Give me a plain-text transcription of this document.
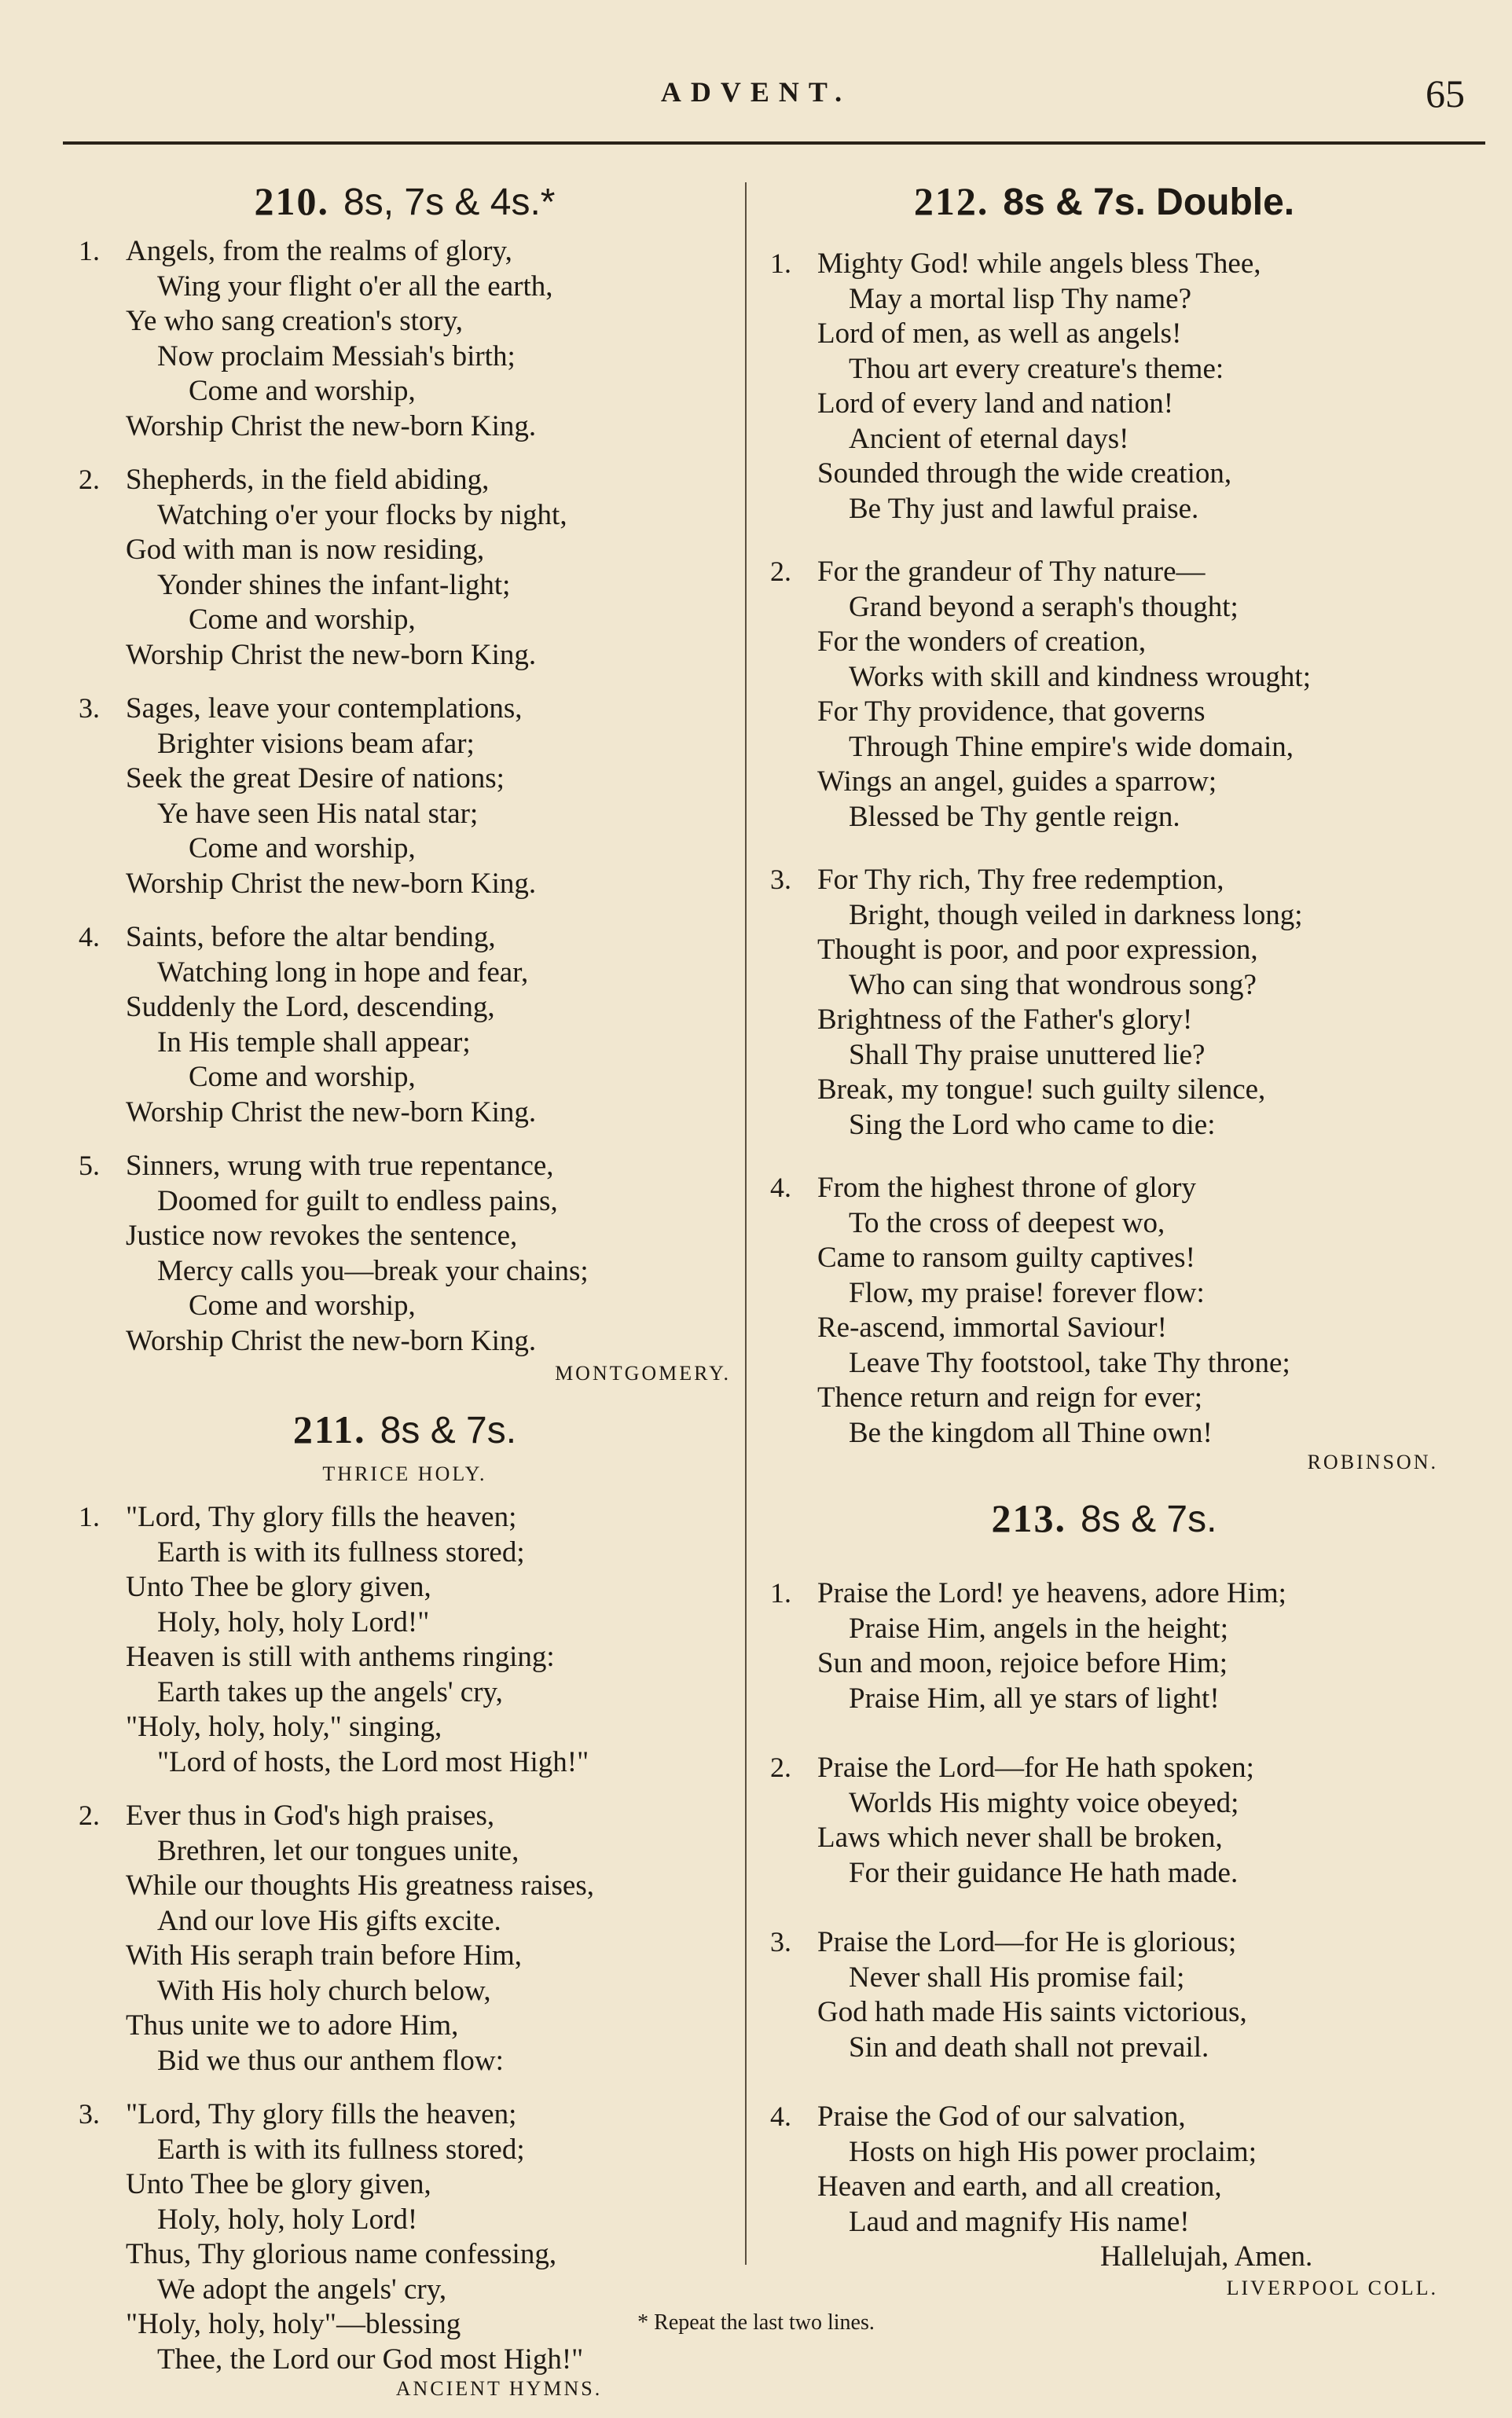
ADVENT.	65
210. 8s, 7s & 4s.*
1. Angels, from the realms of glory,
Wing your flight o'er all the earth,
Ye who sang creation's story,
Now proclaim Messiah's birth;
Come and worship,
Worship Christ the new-born King.
2. Shepherds, in the field abiding,
Watching o'er your flocks by night,
God with man is now residing,
Yonder shines the infant-light;
Come and worship,
Worship Christ the new-born King.
3. Sages, leave your contemplations,
Brighter visions beam afar;
Seek the great Desire of nations;
Ye have seen His natal star;
Come and worship,
Worship Christ the new-born King.
4. Saints, before the altar bending,
Watching long in hope and fear,
Suddenly the Lord, descending,
In His temple shall appear;
Come and worship,
Worship Christ the new-born King.
5. Sinners, wrung with true repentance,
Doomed for guilt to endless pains,
Justice now revokes the sentence,
Mercy calls you—break your chains;
Come and worship,
Worship Christ the new-born King.
MONTGOMERY.
211. 8s & 7s.
THRICE HOLY.
1. "Lord, Thy glory fills the heaven;
Earth is with its fullness stored;
Unto Thee be glory given,
Holy, holy, holy Lord!"
Heaven is still with anthems ringing:
Earth takes up the angels' cry,
"Holy, holy, holy," singing,
"Lord of hosts, the Lord most High!"
2. Ever thus in God's high praises,
Brethren, let our tongues unite,
While our thoughts His greatness raises,
And our love His gifts excite.
With His seraph train before Him,
With His holy church below,
Thus unite we to adore Him,
Bid we thus our anthem flow:
3. "Lord, Thy glory fills the heaven;
Earth is with its fullness stored;
Unto Thee be glory given,
Holy, holy, holy Lord!
Thus, Thy glorious name confessing,
We adopt the angels' cry,
"Holy, holy, holy"—blessing
Thee, the Lord our God most High!"
ANCIENT HYMNS.
212. 8s & 7s. Double.
1. Mighty God! while angels bless Thee,
May a mortal lisp Thy name?
Lord of men, as well as angels!
Thou art every creature's theme:
Lord of every land and nation!
Ancient of eternal days!
Sounded through the wide creation,
Be Thy just and lawful praise.
2. For the grandeur of Thy nature—
Grand beyond a seraph's thought;
For the wonders of creation,
Works with skill and kindness wrought;
For Thy providence, that governs
Through Thine empire's wide domain,
Wings an angel, guides a sparrow;
Blessed be Thy gentle reign.
3. For Thy rich, Thy free redemption,
Bright, though veiled in darkness long;
Thought is poor, and poor expression,
Who can sing that wondrous song?
Brightness of the Father's glory!
Shall Thy praise unuttered lie?
Break, my tongue! such guilty silence,
Sing the Lord who came to die:
4. From the highest throne of glory
To the cross of deepest wo,
Came to ransom guilty captives!
Flow, my praise! forever flow:
Re-ascend, immortal Saviour!
Leave Thy footstool, take Thy throne;
Thence return and reign for ever;
Be the kingdom all Thine own!
ROBINSON.
213. 8s & 7s.
1. Praise the Lord! ye heavens, adore Him;
Praise Him, angels in the height;
Sun and moon, rejoice before Him;
Praise Him, all ye stars of light!
2. Praise the Lord—for He hath spoken;
Worlds His mighty voice obeyed;
Laws which never shall be broken,
For their guidance He hath made.
3. Praise the Lord—for He is glorious;
Never shall His promise fail;
God hath made His saints victorious,
Sin and death shall not prevail.
4. Praise the God of our salvation,
Hosts on high His power proclaim;
Heaven and earth, and all creation,
Laud and magnify His name!
Hallelujah, Amen.
LIVERPOOL COLL.
* Repeat the last two lines.
